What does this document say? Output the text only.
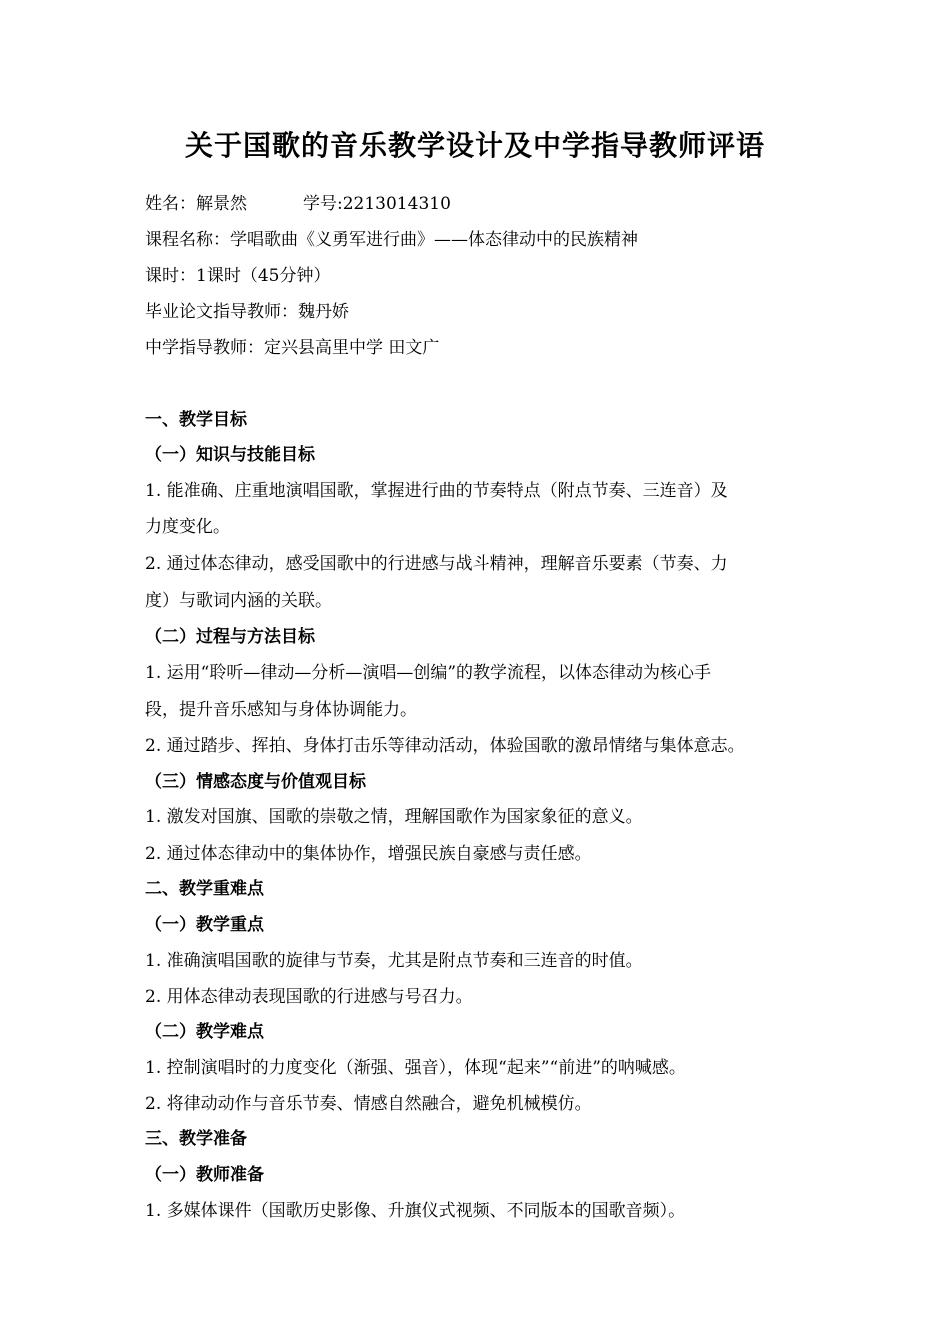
关于国歌的音乐教学设计及中学指导教师评语
姓名：解景然	学号:2213014310
课程名称：学唱歌曲《义勇军进行曲》——体态律动中的民族精神
课时：1课时（45分钟）
毕业论文指导教师：魏丹娇
中学指导教师：定兴县高里中学 田文广
一、教学目标
（一）知识与技能目标
1. 能准确、庄重地演唱国歌，掌握进行曲的节奏特点（附点节奏、三连音）及
力度变化。
2. 通过体态律动，感受国歌中的行进感与战斗精神，理解音乐要素（节奏、力
度）与歌词内涵的关联。
（二）过程与方法目标
1. 运用“聆听—律动—分析—演唱—创编”的教学流程，以体态律动为核心手
段，提升音乐感知与身体协调能力。
2. 通过踏步、挥拍、身体打击乐等律动活动，体验国歌的激昂情绪与集体意志。
（三）情感态度与价值观目标
1. 激发对国旗、国歌的崇敬之情，理解国歌作为国家象征的意义。
2. 通过体态律动中的集体协作，增强民族自豪感与责任感。
二、教学重难点
（一）教学重点
1. 准确演唱国歌的旋律与节奏，尤其是附点节奏和三连音的时值。
2. 用体态律动表现国歌的行进感与号召力。
（二）教学难点
1. 控制演唱时的力度变化（渐强、强音），体现“起来”“前进”的呐喊感。
2. 将律动动作与音乐节奏、情感自然融合，避免机械模仿。
三、教学准备
（一）教师准备
1. 多媒体课件（国歌历史影像、升旗仪式视频、不同版本的国歌音频）。
